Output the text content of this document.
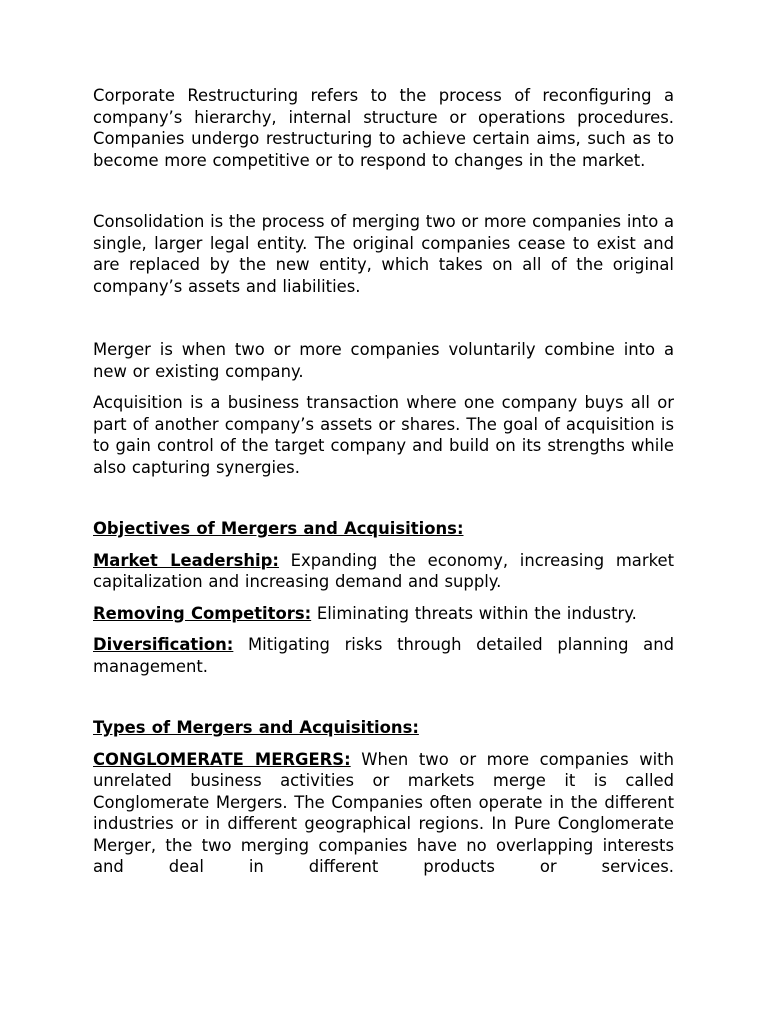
Corporate Restructuring refers to the process of reconfiguring a company’s hierarchy, internal structure or operations procedures. Companies undergo restructuring to achieve certain aims, such as to become more competitive or to respond to changes in the market.

Consolidation is the process of merging two or more companies into a single, larger legal entity. The original companies cease to exist and are replaced by the new entity, which takes on all of the original company’s assets and liabilities.

Merger is when two or more companies voluntarily combine into a new or existing company.

Acquisition is a business transaction where one company buys all or part of another company’s assets or shares. The goal of acquisition is to gain control of the target company and build on its strengths while also capturing synergies.

Objectives of Mergers and Acquisitions:

Market Leadership: Expanding the economy, increasing market capitalization and increasing demand and supply.

Removing Competitors: Eliminating threats within the industry.

Diversification: Mitigating risks through detailed planning and management.

Types of Mergers and Acquisitions:

CONGLOMERATE MERGERS: When two or more companies with unrelated business activities or markets merge it is called Conglomerate Mergers. The Companies often operate in the different industries or in different geographical regions. In Pure Conglomerate Merger, the two merging companies have no overlapping interests and deal in different products or services.
